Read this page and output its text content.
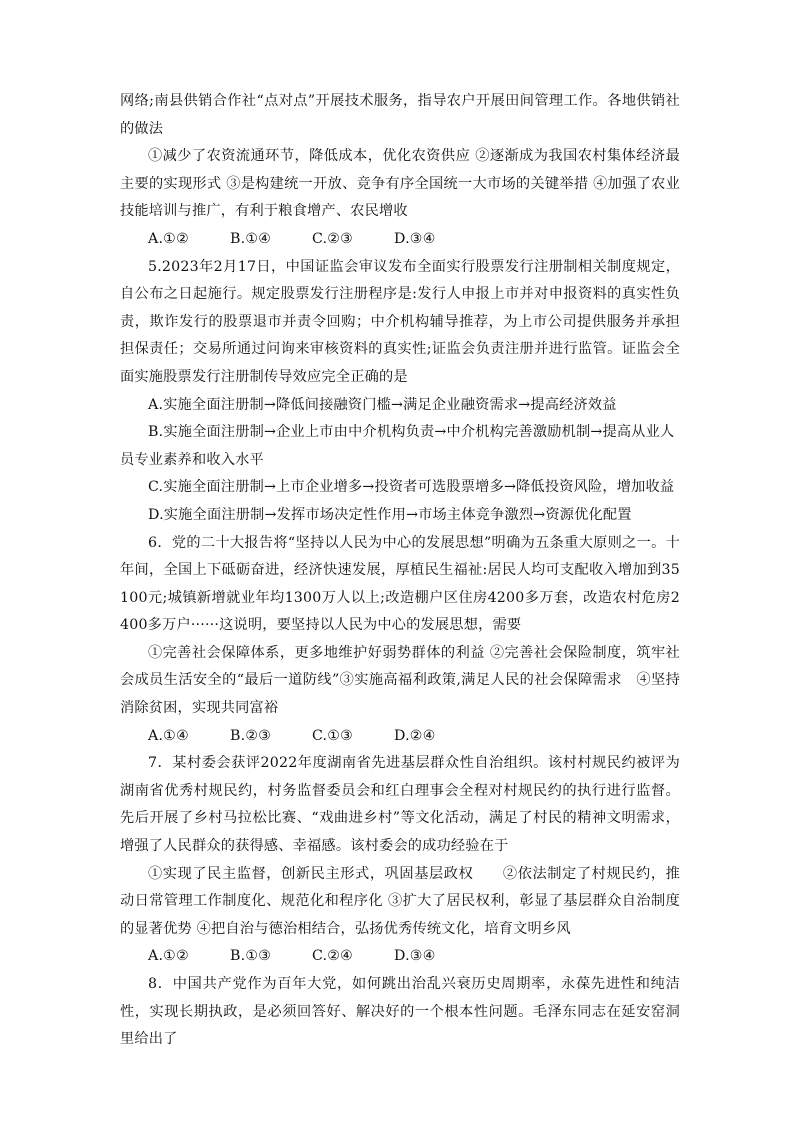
网络;南县供销合作社“点对点”开展技术服务，指导农户开展田间管理工作。各地供销社的做法

①减少了农资流通环节，降低成本，优化农资供应 ②逐渐成为我国农村集体经济最主要的实现形式 ③是构建统一开放、竞争有序全国统一大市场的关键举措 ④加强了农业技能培训与推广，有利于粮食增产、农民增收

A.①②	B.①④	C.②③	D.③④

5.2023年2月17日，中国证监会审议发布全面实行股票发行注册制相关制度规定，自公布之日起施行。规定股票发行注册程序是:发行人申报上市并对申报资料的真实性负责，欺诈发行的股票退市并责令回购；中介机构辅导推荐，为上市公司提供服务并承担担保责任；交易所通过问询来审核资料的真实性;证监会负责注册并进行监管。证监会全面实施股票发行注册制传导效应完全正确的是

A.实施全面注册制→降低间接融资门槛→满足企业融资需求→提高经济效益

B.实施全面注册制→企业上市由中介机构负责→中介机构完善激励机制→提高从业人

员专业素养和收入水平

C.实施全面注册制→上市企业增多→投资者可选股票增多→降低投资风险，增加收益

D.实施全面注册制→发挥市场决定性作用→市场主体竞争激烈→资源优化配置

6．党的二十大报告将“坚持以人民为中心的发展思想”明确为五条重大原则之一。十年间，全国上下砥砺奋进，经济快速发展，厚植民生福祉:居民人均可支配收入增加到35100元;城镇新增就业年均1300万人以上;改造棚户区住房4200多万套，改造农村危房2400多万户······这说明，要坚持以人民为中心的发展思想，需要

①完善社会保障体系，更多地维护好弱势群体的利益 ②完善社会保险制度，筑牢社会成员生活安全的“最后一道防线”③实施高福利政策,满足人民的社会保障需求　④坚持消除贫困，实现共同富裕

A.①④	B.②③	C.①③	D.②④

7．某村委会获评2022年度湖南省先进基层群众性自治组织。该村村规民约被评为湖南省优秀村规民约，村务监督委员会和红白理事会全程对村规民约的执行进行监督。先后开展了乡村马拉松比赛、“戏曲进乡村”等文化活动，满足了村民的精神文明需求，增强了人民群众的获得感、幸福感。该村委会的成功经验在于

①实现了民主监督，创新民主形式，巩固基层政权　　②依法制定了村规民约，推动日常管理工作制度化、规范化和程序化 ③扩大了居民权利，彰显了基层群众自治制度的显著优势 ④把自治与德治相结合，弘扬优秀传统文化，培育文明乡风

A.①②	B.①③	C.②④	D.③④

8．中国共产党作为百年大党，如何跳出治乱兴衰历史周期率，永葆先进性和纯洁性，实现长期执政，是必须回答好、解决好的一个根本性问题。毛泽东同志在延安窑洞里给出了
